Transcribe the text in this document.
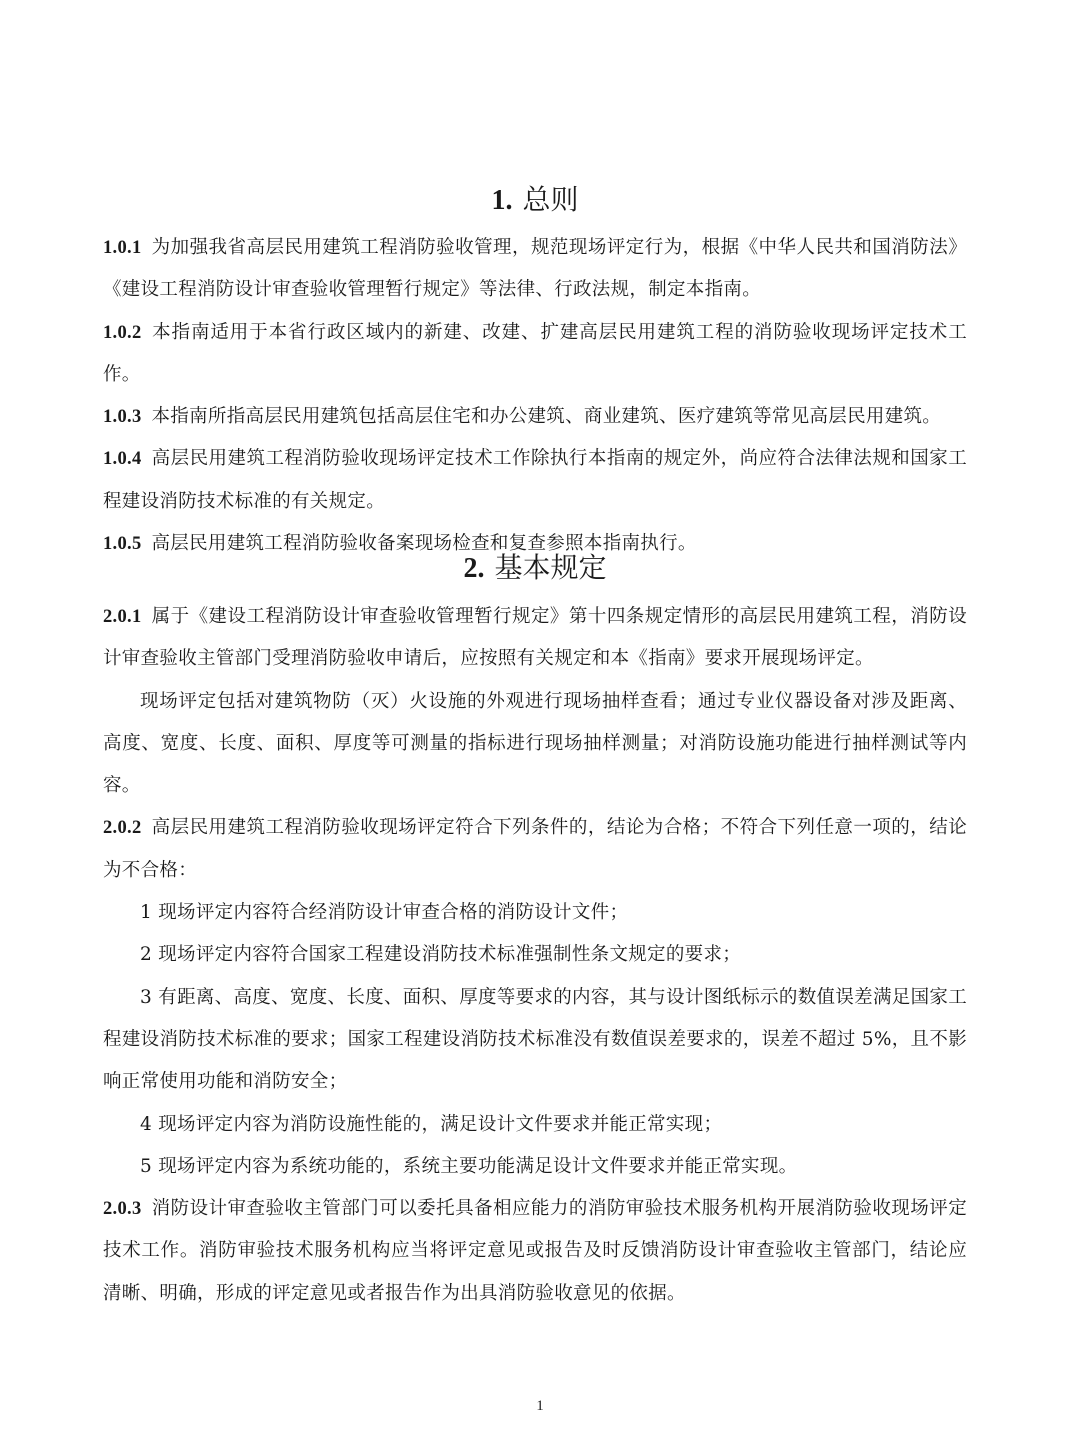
1. 总则

1.0.1 为加强我省高层民用建筑工程消防验收管理，规范现场评定行为，根据《中华人民共和国消防法》《建设工程消防设计审查验收管理暂行规定》等法律、行政法规，制定本指南。

1.0.2 本指南适用于本省行政区域内的新建、改建、扩建高层民用建筑工程的消防验收现场评定技术工作。

1.0.3 本指南所指高层民用建筑包括高层住宅和办公建筑、商业建筑、医疗建筑等常见高层民用建筑。

1.0.4 高层民用建筑工程消防验收现场评定技术工作除执行本指南的规定外，尚应符合法律法规和国家工程建设消防技术标准的有关规定。

1.0.5 高层民用建筑工程消防验收备案现场检查和复查参照本指南执行。

2. 基本规定

2.0.1 属于《建设工程消防设计审查验收管理暂行规定》第十四条规定情形的高层民用建筑工程，消防设计审查验收主管部门受理消防验收申请后，应按照有关规定和本《指南》要求开展现场评定。

现场评定包括对建筑物防（灭）火设施的外观进行现场抽样查看；通过专业仪器设备对涉及距离、高度、宽度、长度、面积、厚度等可测量的指标进行现场抽样测量；对消防设施功能进行抽样测试等内容。

2.0.2 高层民用建筑工程消防验收现场评定符合下列条件的，结论为合格；不符合下列任意一项的，结论为不合格：

1 现场评定内容符合经消防设计审查合格的消防设计文件；

2 现场评定内容符合国家工程建设消防技术标准强制性条文规定的要求；

3 有距离、高度、宽度、长度、面积、厚度等要求的内容，其与设计图纸标示的数值误差满足国家工程建设消防技术标准的要求；国家工程建设消防技术标准没有数值误差要求的，误差不超过 5%，且不影响正常使用功能和消防安全；

4 现场评定内容为消防设施性能的，满足设计文件要求并能正常实现；

5 现场评定内容为系统功能的，系统主要功能满足设计文件要求并能正常实现。

2.0.3 消防设计审查验收主管部门可以委托具备相应能力的消防审验技术服务机构开展消防验收现场评定技术工作。消防审验技术服务机构应当将评定意见或报告及时反馈消防设计审查验收主管部门，结论应清晰、明确，形成的评定意见或者报告作为出具消防验收意见的依据。

1
